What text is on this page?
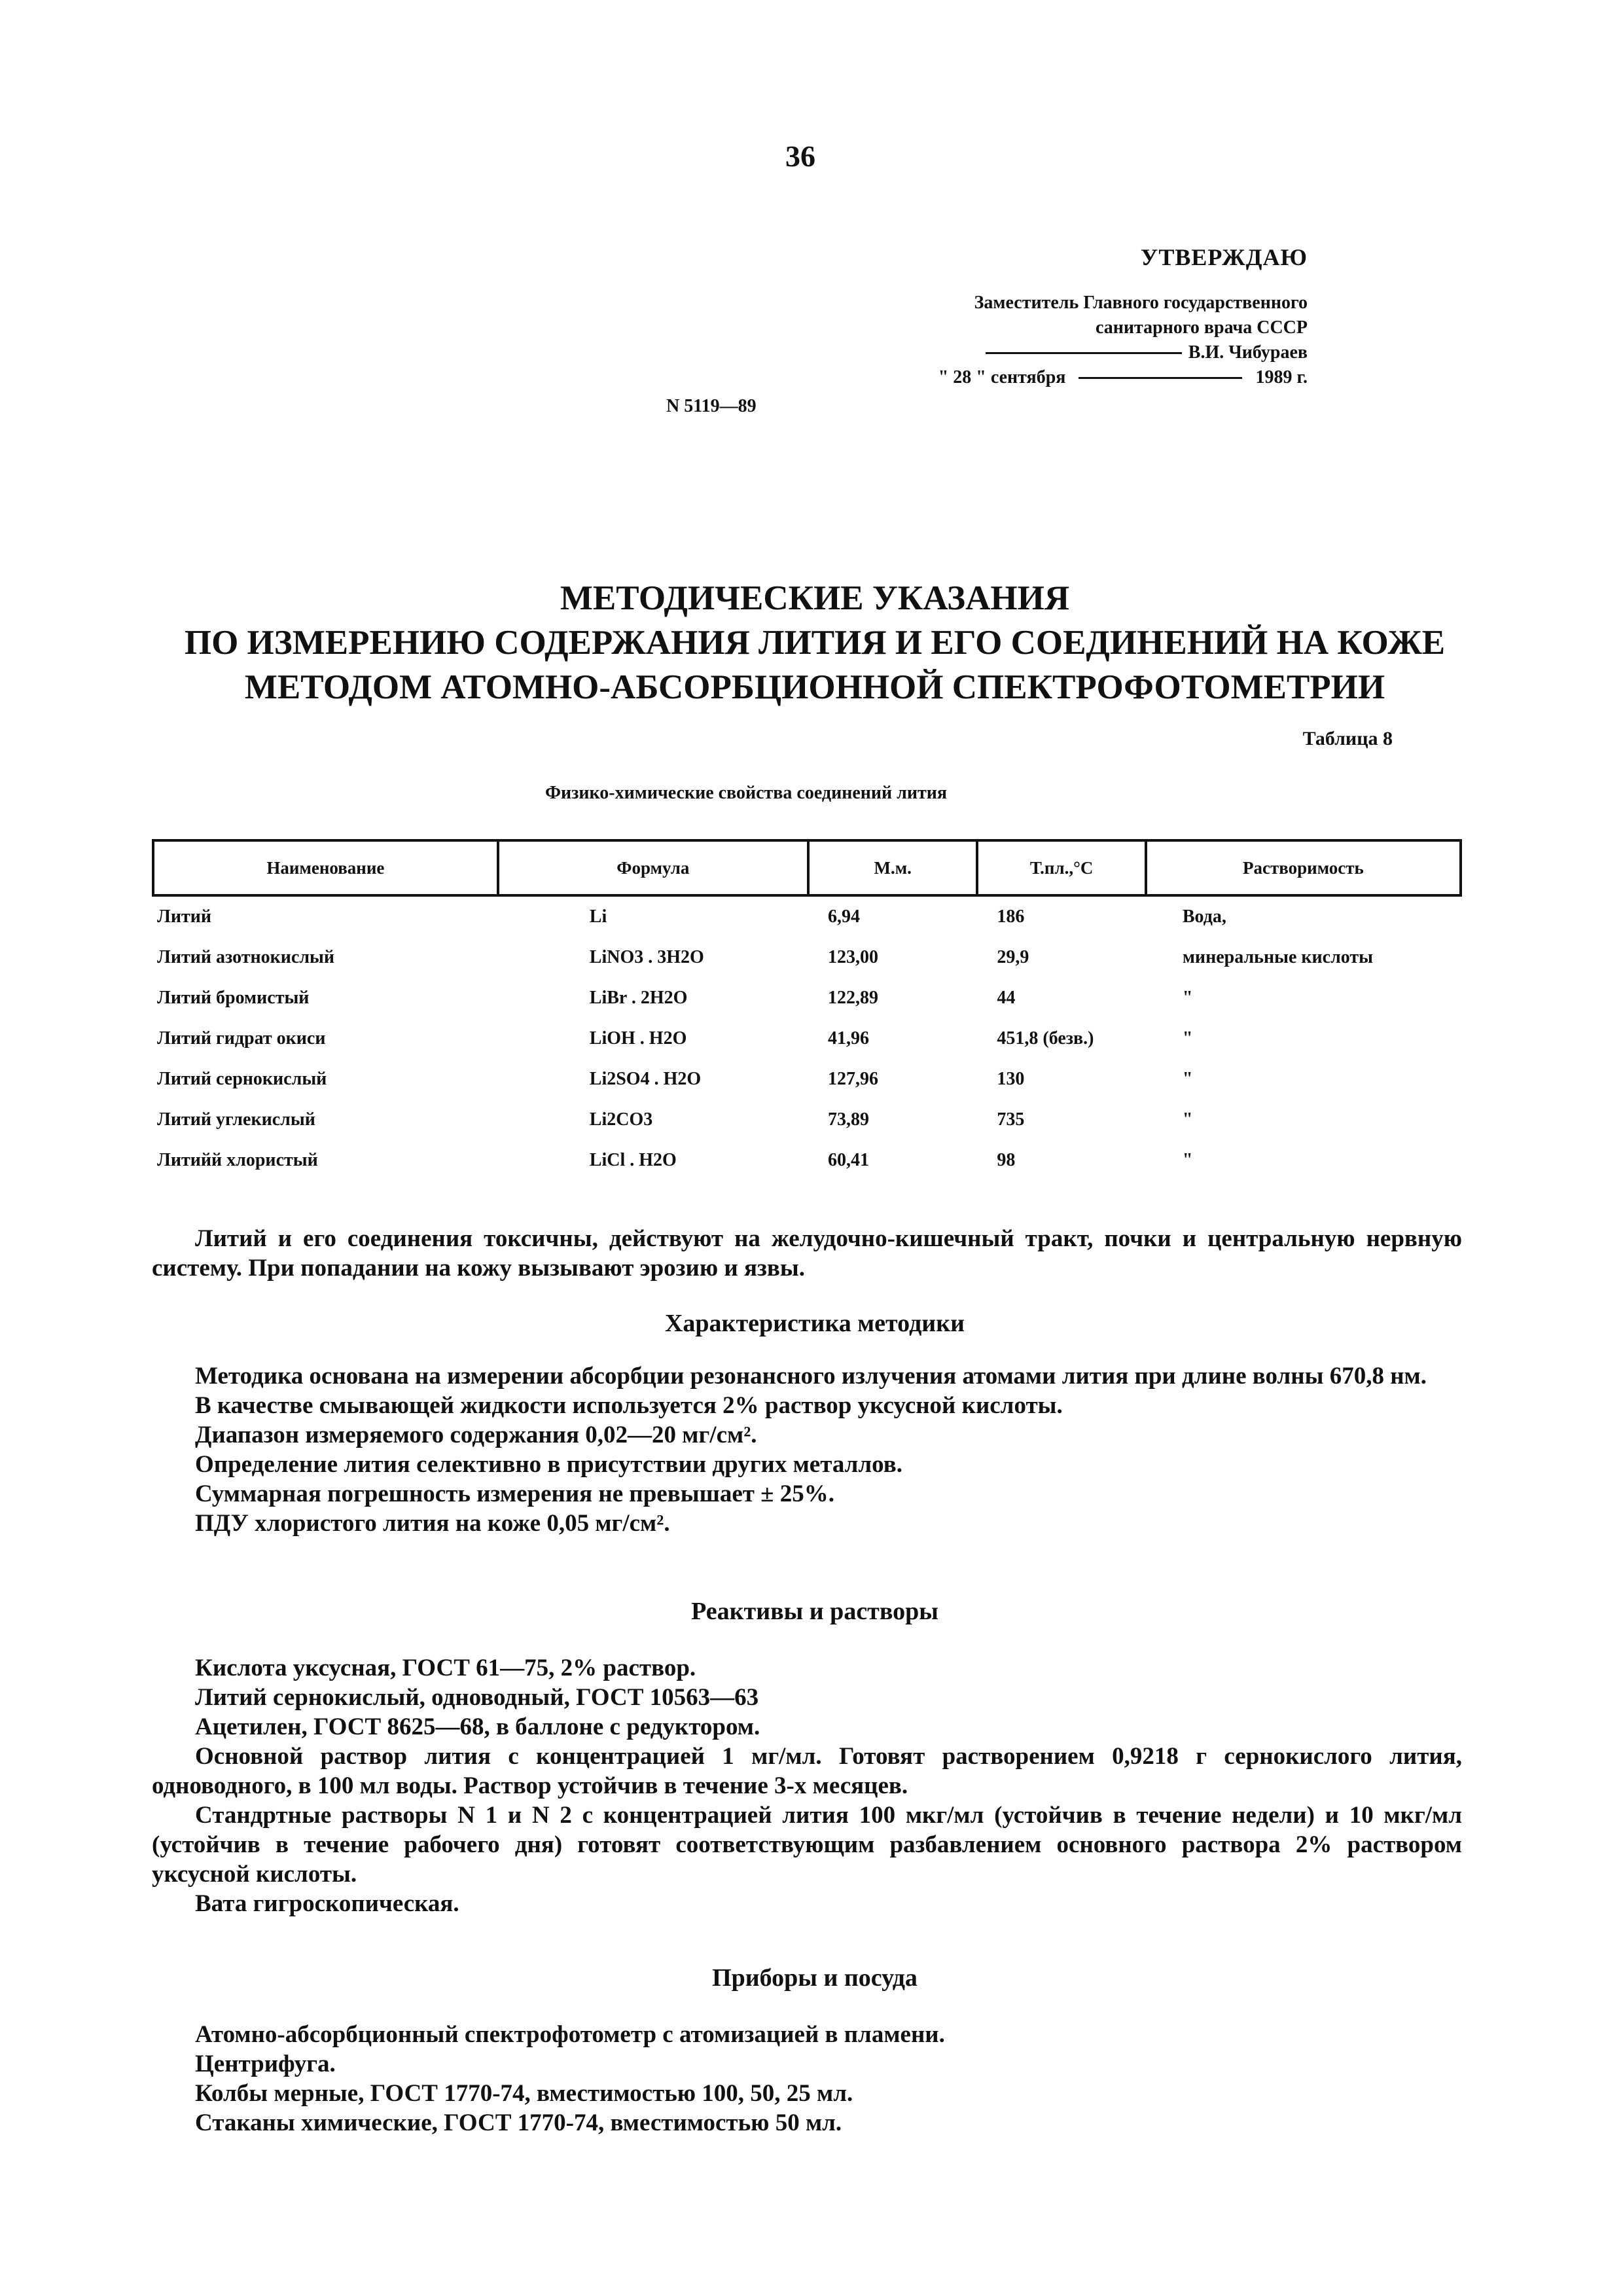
36
УТВЕРЖДАЮ
Заместитель Главного государственного
санитарного врача СССР
В.И. Чибураев
" 28 " сентября	1989 г.
N 5119—89
МЕТОДИЧЕСКИЕ УКАЗАНИЯ
ПО ИЗМЕРЕНИЮ СОДЕРЖАНИЯ ЛИТИЯ И ЕГО СОЕДИНЕНИЙ НА КОЖЕ
МЕТОДОМ АТОМНО-АБСОРБЦИОННОЙ СПЕКТРОФОТОМЕТРИИ
Таблица 8
Физико-химические свойства соединений лития
Наименование	Формула	М.м.	Т.пл.,°С	Растворимость
Литий	Li	6,94	186	Вода,
Литий азотнокислый	LiNO3 . 3H2O	123,00	29,9	минеральные кислоты
Литий бромистый	LiBr . 2H2O	122,89	44	"
Литий гидрат окиси	LiOH . H2O	41,96	451,8 (безв.)	"
Литий сернокислый	Li2SO4 . H2O	127,96	130	"
Литий углекислый	Li2CO3	73,89	735	"
Литийй хлористый	LiCl . H2O	60,41	98	"

Литий и его соединения токсичны, действуют на желудочно-кишечный тракт, почки и центральную нервную систему. При попадании на кожу вызывают эрозию и язвы.

Характеристика методики

Методика основана на измерении абсорбции резонансного излучения атомами лития при длине волны 670,8 нм.

В качестве смывающей жидкости используется 2% раствор уксусной кислоты.

Диапазон измеряемого содержания 0,02—20 мг/см².

Определение лития селективно в присутствии других металлов.

Суммарная погрешность измерения не превышает ± 25%.

ПДУ хлористого лития на коже 0,05 мг/см².

Реактивы и растворы

Кислота уксусная, ГОСТ 61—75, 2% раствор.

Литий сернокислый, одноводный, ГОСТ 10563—63

Ацетилен, ГОСТ 8625—68, в баллоне с редуктором.

Основной раствор лития с концентрацией 1 мг/мл. Готовят растворением 0,9218 г сернокислого лития, одноводного, в 100 мл воды. Раствор устойчив в течение 3-х месяцев.

Стандртные растворы N 1 и N 2 с концентрацией лития 100 мкг/мл (устойчив в течение недели) и 10 мкг/мл (устойчив в течение рабочего дня) готовят соответствующим разбавлением основного раствора 2% раствором уксусной кислоты.

Вата гигроскопическая.

Приборы и посуда

Атомно-абсорбционный спектрофотометр с атомизацией в пламени.

Центрифуга.

Колбы мерные, ГОСТ 1770-74, вместимостью 100, 50, 25 мл.

Стаканы химические, ГОСТ 1770-74, вместимостью 50 мл.
